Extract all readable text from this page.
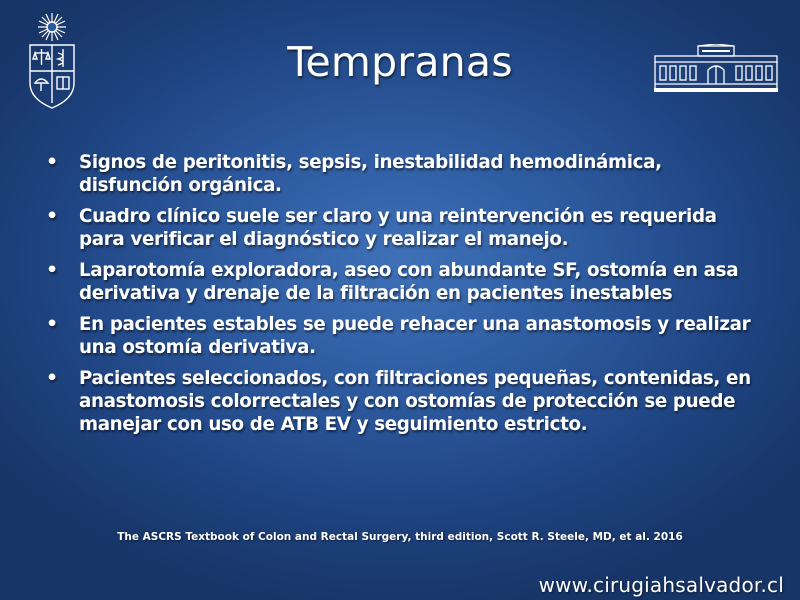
Tempranas
• Signos de peritonitis, sepsis, inestabilidad hemodinámica, disfunción orgánica.
• Cuadro clínico suele ser claro y una reintervención es requerida para verificar el diagnóstico y realizar el manejo.
• Laparotomía exploradora, aseo con abundante SF, ostomía en asa derivativa y drenaje de la filtración en pacientes inestables
• En pacientes estables se puede rehacer una anastomosis y realizar una ostomía derivativa.
• Pacientes seleccionados, con filtraciones pequeñas, contenidas, en anastomosis colorrectales y con ostomías de protección se puede manejar con uso de ATB EV y seguimiento estricto.
The ASCRS Textbook of Colon and Rectal Surgery, third edition, Scott R. Steele, MD, et al. 2016
www.cirugiahsalvador.cl
